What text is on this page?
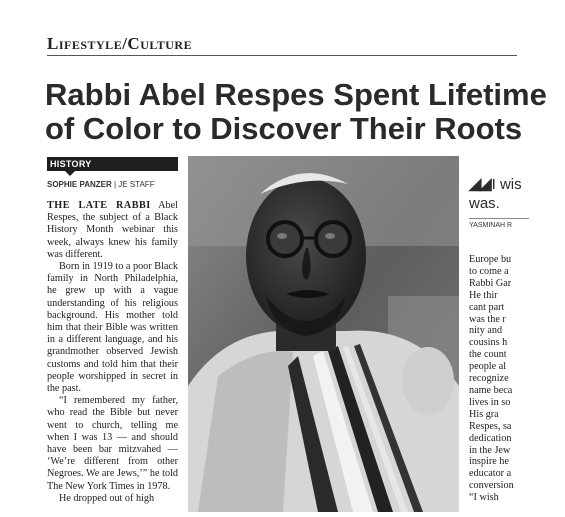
Lifestyle/Culture
Rabbi Abel Respes Spent Lifetime
of Color to Discover Their Roots
HISTORY
SOPHIE PANZER | JE STAFF

THE LATE RABBI Abel Respes, the subject of a Black History Month webinar this week, always knew his family was different.

Born in 1919 to a poor Black family in North Philadelphia, he grew up with a vague understanding of his religious background. His mother told him that their Bible was written in a different language, and his grandmother observed Jewish customs and told him that their people worshipped in secret in the past.

“I remembered my father, who read the Bible but never went to church, telling me when I was 13 — and should have been bar mitzvahed — ‘We’re different from other Negroes. We are Jews,’” he told The New York Times in 1978.

He dropped out of high

◢◢ I wis
was.
YASMINAH R
Europe bu
to come a
Rabbi Gar
He thir
cant part
was the r
nity and
cousins h
the count
people al
recognize
name beca
lives in so
His gra
Respes, sa
dedication
in the Jew
inspire he
educator a
conversion
“I wish
